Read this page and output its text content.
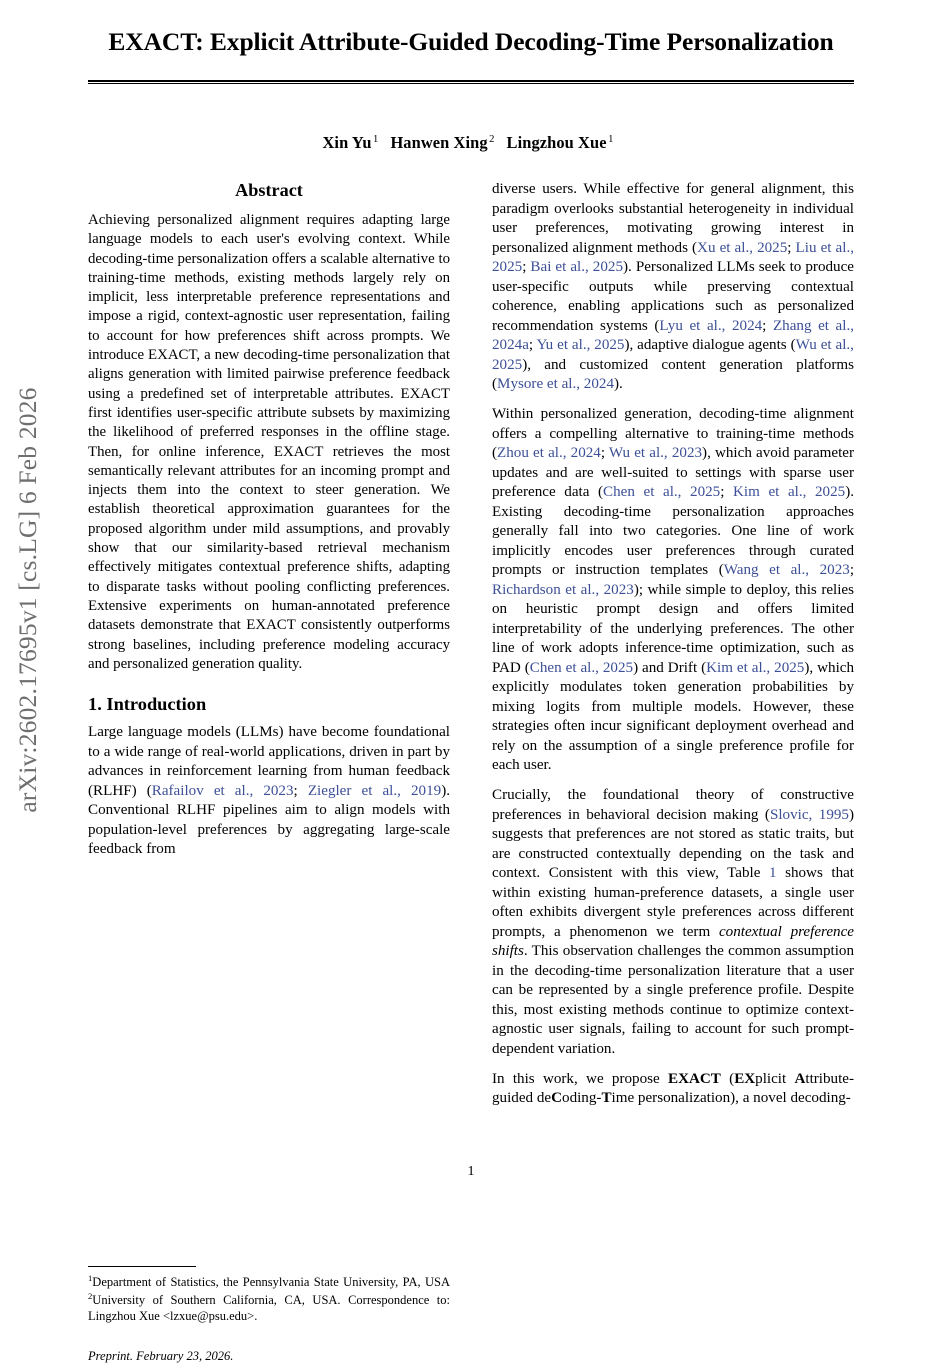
arXiv:2602.17695v1 [cs.LG] 6 Feb 2026
EXACT: Explicit Attribute-Guided Decoding-Time Personalization
Xin Yu $^1$ Hanwen Xing $^2$ Lingzhou Xue $^1$
Abstract

Achieving personalized alignment requires adapting large language models to each user's evolving context. While decoding-time personalization offers a scalable alternative to training-time methods, existing methods largely rely on implicit, less interpretable preference representations and impose a rigid, context-agnostic user representation, failing to account for how preferences shift across prompts. We introduce EXACT, a new decoding-time personalization that aligns generation with limited pairwise preference feedback using a predefined set of interpretable attributes. EXACT first identifies user-specific attribute subsets by maximizing the likelihood of preferred responses in the offline stage. Then, for online inference, EXACT retrieves the most semantically relevant attributes for an incoming prompt and injects them into the context to steer generation. We establish theoretical approximation guarantees for the proposed algorithm under mild assumptions, and provably show that our similarity-based retrieval mechanism effectively mitigates contextual preference shifts, adapting to disparate tasks without pooling conflicting preferences. Extensive experiments on human-annotated preference datasets demonstrate that EXACT consistently outperforms strong baselines, including preference modeling accuracy and personalized generation quality.

1. Introduction

Large language models (LLMs) have become foundational to a wide range of real-world applications, driven in part by advances in reinforcement learning from human feedback (RLHF) (Rafailov et al., 2023; Ziegler et al., 2019). Conventional RLHF pipelines aim to align models with population-level preferences by aggregating large-scale feedback from

$^1$Department of Statistics, the Pennsylvania State University, PA, USA $^2$University of Southern California, CA, USA. Correspondence to: Lingzhou Xue <lzxue@psu.edu>.

Preprint. February 23, 2026.

diverse users. While effective for general alignment, this paradigm overlooks substantial heterogeneity in individual user preferences, motivating growing interest in personalized alignment methods (Xu et al., 2025; Liu et al., 2025; Bai et al., 2025). Personalized LLMs seek to produce user-specific outputs while preserving contextual coherence, enabling applications such as personalized recommendation systems (Lyu et al., 2024; Zhang et al., 2024a; Yu et al., 2025), adaptive dialogue agents (Wu et al., 2025), and customized content generation platforms (Mysore et al., 2024).

Within personalized generation, decoding-time alignment offers a compelling alternative to training-time methods (Zhou et al., 2024; Wu et al., 2023), which avoid parameter updates and are well-suited to settings with sparse user preference data (Chen et al., 2025; Kim et al., 2025). Existing decoding-time personalization approaches generally fall into two categories. One line of work implicitly encodes user preferences through curated prompts or instruction templates (Wang et al., 2023; Richardson et al., 2023); while simple to deploy, this relies on heuristic prompt design and offers limited interpretability of the underlying preferences. The other line of work adopts inference-time optimization, such as PAD (Chen et al., 2025) and Drift (Kim et al., 2025), which explicitly modulates token generation probabilities by mixing logits from multiple models. However, these strategies often incur significant deployment overhead and rely on the assumption of a single preference profile for each user.

Crucially, the foundational theory of constructive preferences in behavioral decision making (Slovic, 1995) suggests that preferences are not stored as static traits, but are constructed contextually depending on the task and context. Consistent with this view, Table 1 shows that within existing human-preference datasets, a single user often exhibits divergent style preferences across different prompts, a phenomenon we term contextual preference shifts. This observation challenges the common assumption in the decoding-time personalization literature that a user can be represented by a single preference profile. Despite this, most existing methods continue to optimize context-agnostic user signals, failing to account for such prompt-dependent variation.

In this work, we propose EXACT (EXplicit Attribute-guided deCoding-Time personalization), a novel decoding-

1
